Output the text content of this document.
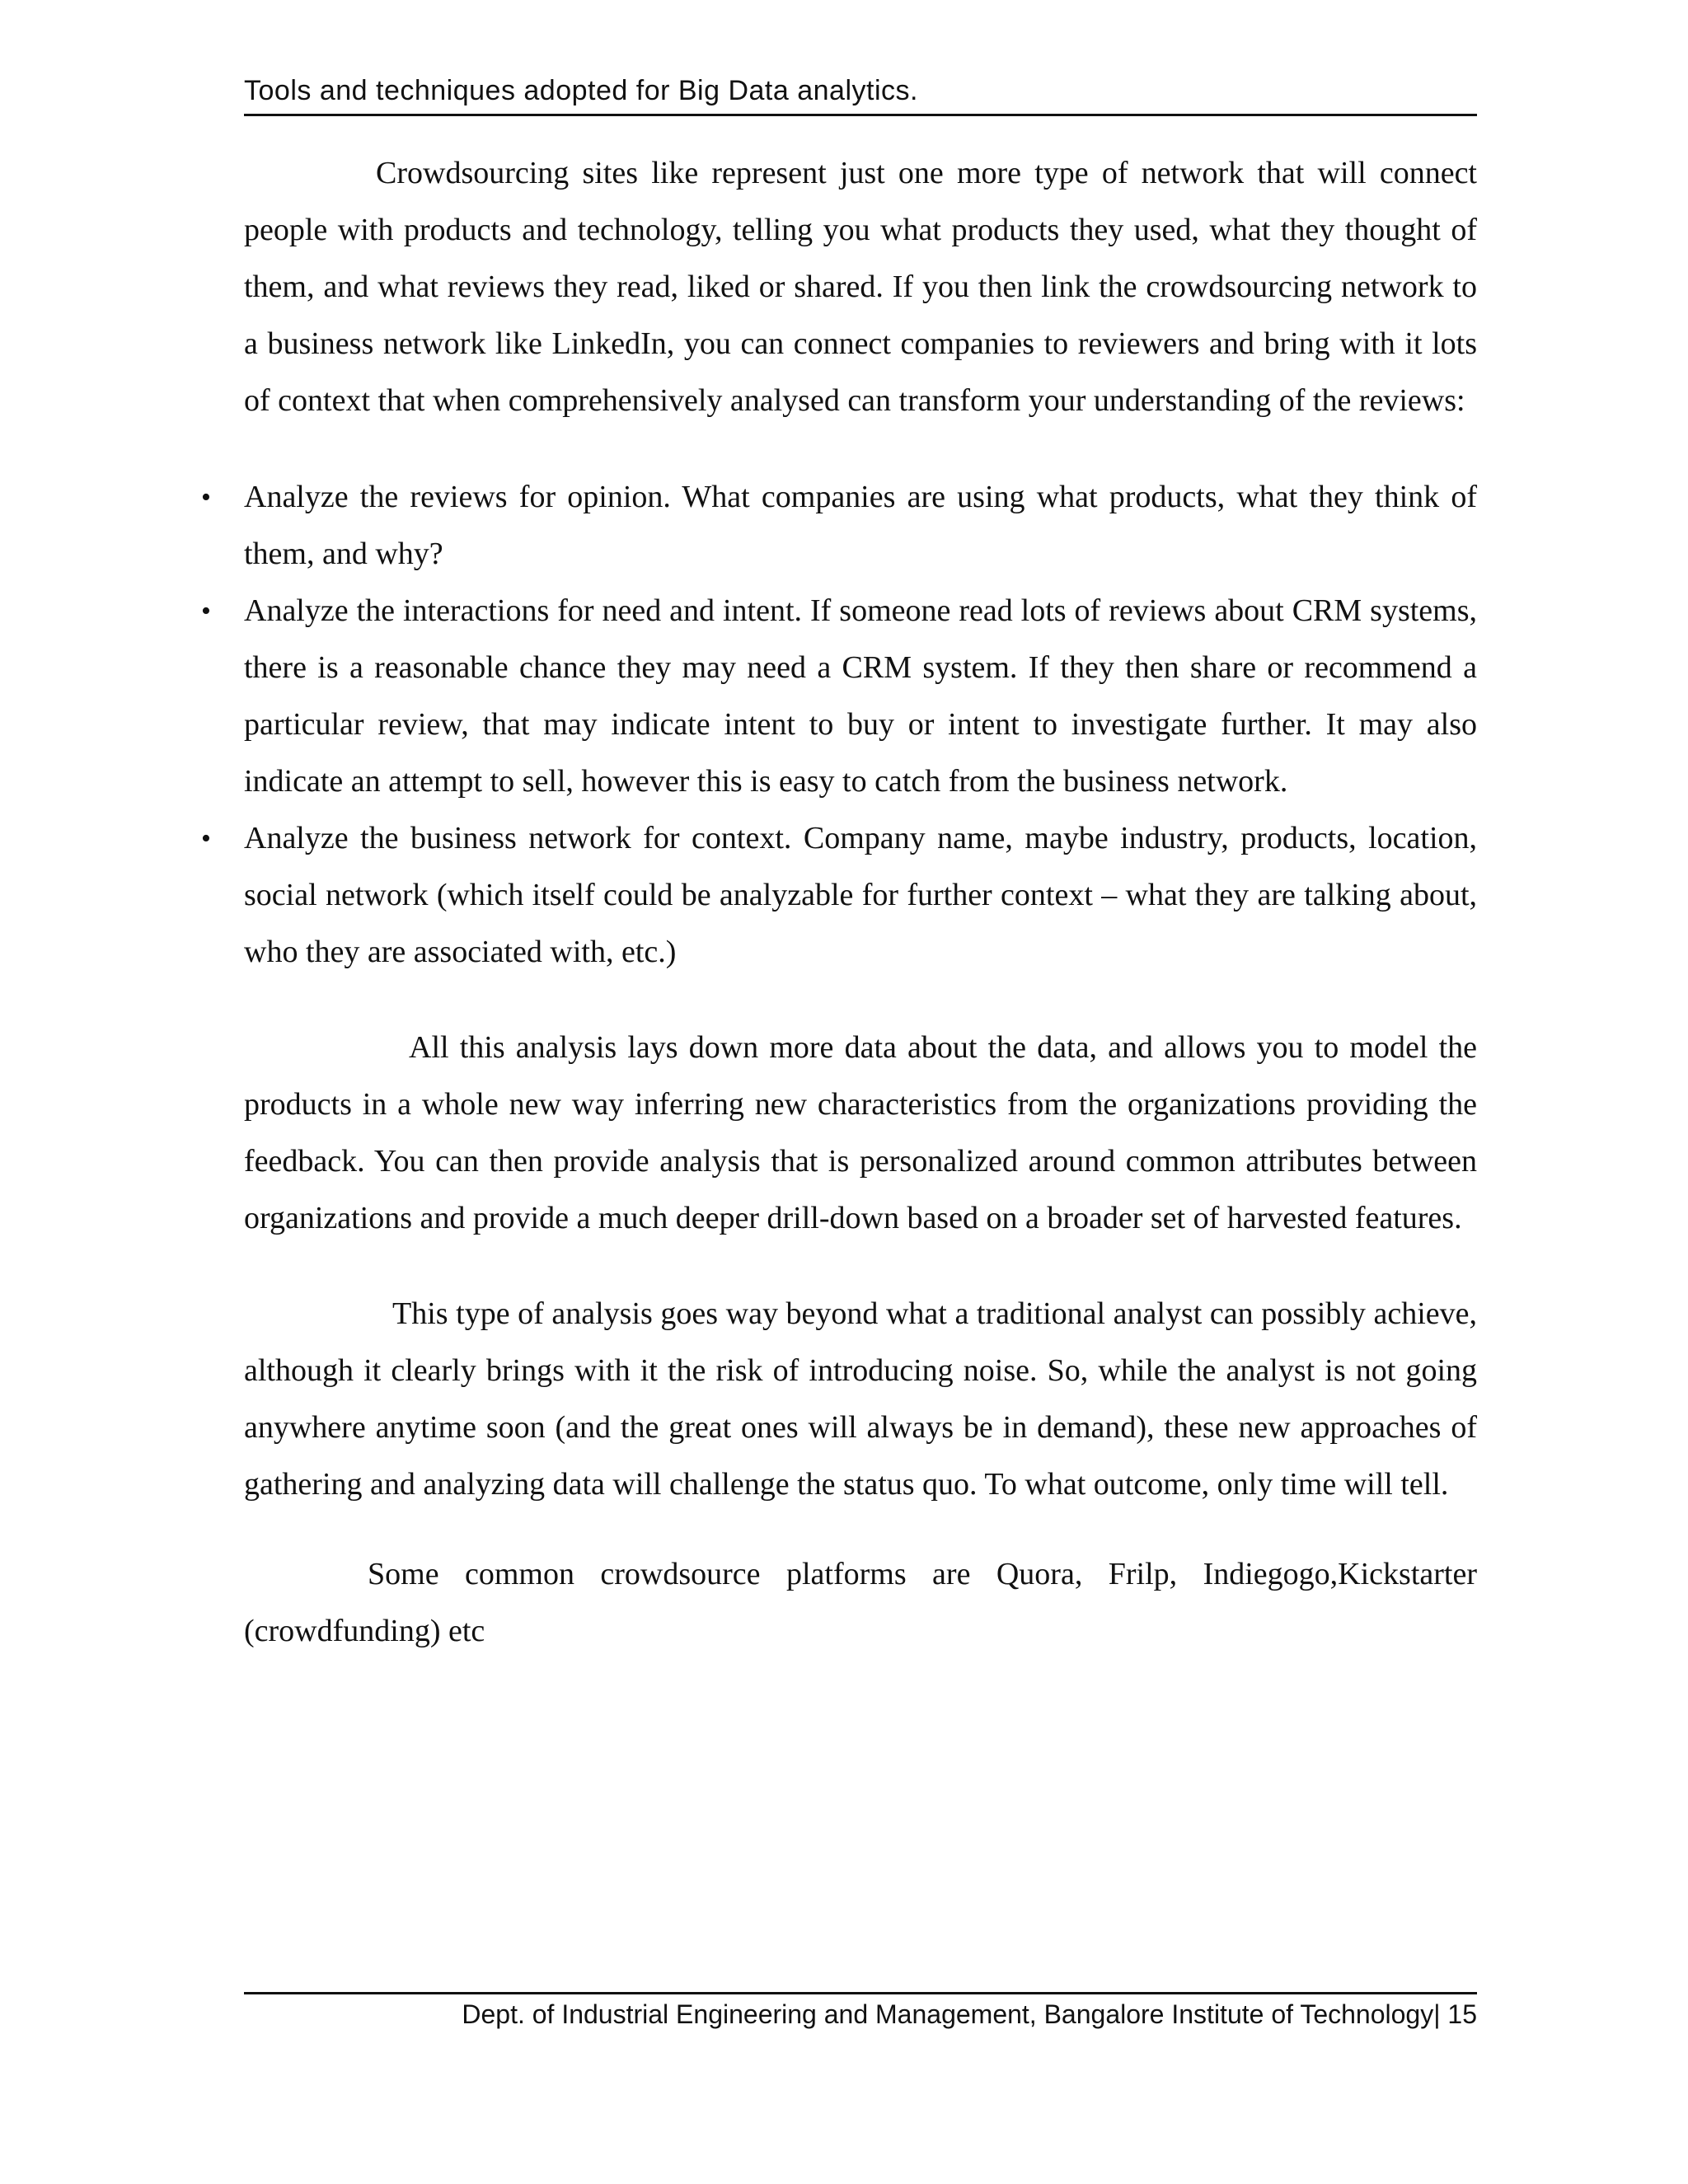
Tools and techniques adopted for Big Data analytics.

Crowdsourcing sites like represent just one more type of network that will connect people with products and technology, telling you what products they used, what they thought of them, and what reviews they read, liked or shared. If you then link the crowdsourcing network to a business network like LinkedIn, you can connect companies to reviewers and bring with it lots of context that when comprehensively analysed can transform your understanding of the reviews:

• Analyze the reviews for opinion. What companies are using what products, what they think of them, and why?
• Analyze the interactions for need and intent. If someone read lots of reviews about CRM systems, there is a reasonable chance they may need a CRM system. If they then share or recommend a particular review, that may indicate intent to buy or intent to investigate further. It may also indicate an attempt to sell, however this is easy to catch from the business network.
• Analyze the business network for context. Company name, maybe industry, products, location, social network (which itself could be analyzable for further context – what they are talking about, who they are associated with, etc.)

All this analysis lays down more data about the data, and allows you to model the products in a whole new way inferring new characteristics from the organizations providing the feedback. You can then provide analysis that is personalized around common attributes between organizations and provide a much deeper drill-down based on a broader set of harvested features.

This type of analysis goes way beyond what a traditional analyst can possibly achieve, although it clearly brings with it the risk of introducing noise. So, while the analyst is not going anywhere anytime soon (and the great ones will always be in demand), these new approaches of gathering and analyzing data will challenge the status quo. To what outcome, only time will tell.

Some common crowdsource platforms are Quora, Frilp, Indiegogo,Kickstarter (crowdfunding) etc

Dept. of Industrial Engineering and Management, Bangalore Institute of Technology| 15
